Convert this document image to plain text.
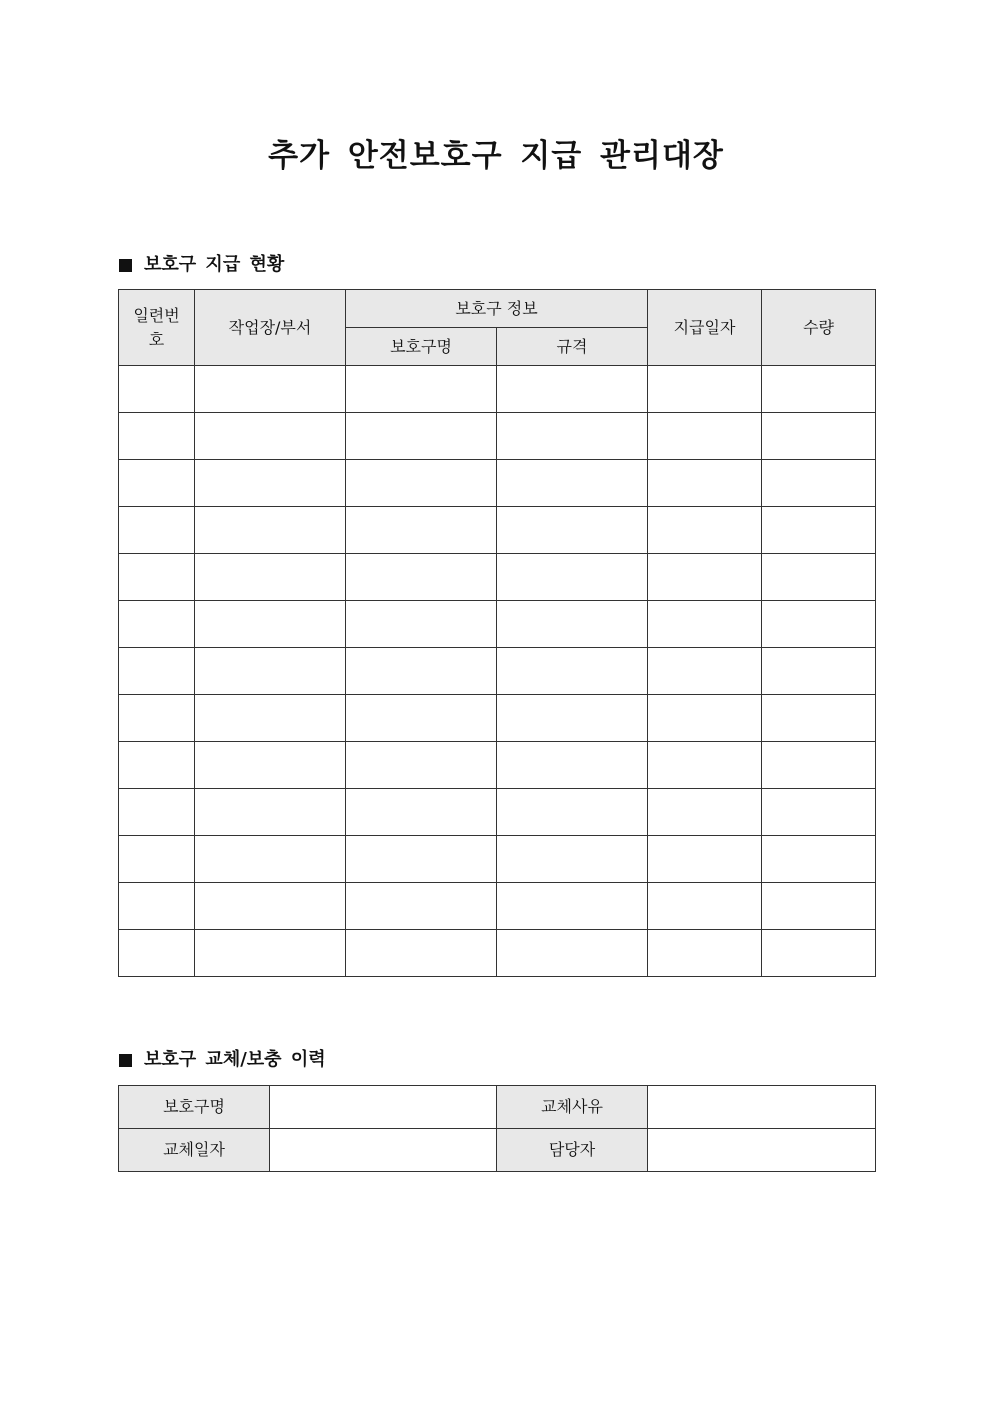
추가 안전보호구 지급 관리대장
보호구 지급 현황
일련번호	작업장/부서	보호구 정보		지급일자	수량
		보호구명	규격		

보호구 교체/보충 이력
보호구명		교체사유	
교체일자		담당자	
